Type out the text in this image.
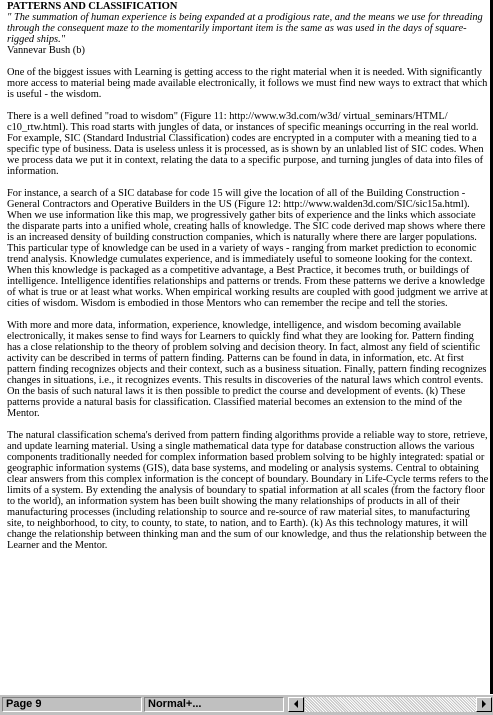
PATTERNS AND CLASSIFICATION

" The summation of human experience is being expanded at a prodigious rate, and the means we use for threading through the consequent maze to the momentarily important item is the same as was used in the days of square-rigged ships."

Vannevar Bush (b)

One of the biggest issues with Learning is getting access to the right material when it is needed. With significantly more access to material being made available electronically, it follows we must find new ways to extract that which is useful - the wisdom.

There is a well defined "road to wisdom" (Figure 11: http://www.w3d.com/w3d/ virtual_seminars/HTML/ c10_rtw.html). This road starts with jungles of data, or instances of specific meanings occurring in the real world. For example, SIC (Standard Industrial Classification) codes are encrypted in a computer with a meaning tied to a specific type of business. Data is useless unless it is processed, as is shown by an unlabled list of SIC codes. When we process data we put it in context, relating the data to a specific purpose, and turning jungles of data into files of information.

For instance, a search of a SIC database for code 15 will give the location of all of the Building Construction - General Contractors and Operative Builders in the US (Figure 12: http://www.walden3d.com/SIC/sic15a.html). When we use information like this map, we progressively gather bits of experience and the links which associate the disparate parts into a unified whole, creating halls of knowledge. The SIC code derived map shows where there is an increased density of building construction companies, which is naturally where there are larger populations. This particular type of knowledge can be used in a variety of ways - ranging from market prediction to economic trend analysis. Knowledge cumulates experience, and is immediately useful to someone looking for the context. When this knowledge is packaged as a competitive advantage, a Best Practice, it becomes truth, or buildings of intelligence. Intelligence identifies relationships and patterns or trends. From these patterns we derive a knowledge of what is true or at least what works. When empirical working results are coupled with good judgment we arrive at cities of wisdom. Wisdom is embodied in those Mentors who can remember the recipe and tell the stories.

With more and more data, information, experience, knowledge, intelligence, and wisdom becoming available electronically, it makes sense to find ways for Learners to quickly find what they are looking for. Pattern finding has a close relationship to the theory of problem solving and decision theory. In fact, almost any field of scientific activity can be described in terms of pattern finding. Patterns can be found in data, in information, etc. At first pattern finding recognizes objects and their context, such as a business situation. Finally, pattern finding recognizes changes in situations, i.e., it recognizes events. This results in discoveries of the natural laws which control events. On the basis of such natural laws it is then possible to predict the course and development of events. (k) These patterns provide a natural basis for classification. Classified material becomes an extension to the mind of the Mentor.

The natural classification schema's derived from pattern finding algorithms provide a reliable way to store, retrieve, and update learning material. Using a single mathematical data type for database construction allows the various components traditionally needed for complex information based problem solving to be highly integrated: spatial or geographic information systems (GIS), data base systems, and modeling or analysis systems. Central to obtaining clear answers from this complex information is the concept of boundary. Boundary in Life-Cycle terms refers to the limits of a system. By extending the analysis of boundary to spatial information at all scales (from the factory floor to the world), an information system has been built showing the many relationships of products in all of their manufacturing processes (including relationship to source and re-source of raw material sites, to manufacturing site, to neighborhood, to city, to county, to state, to nation, and to Earth). (k) As this technology matures, it will change the relationship between thinking man and the sum of our knowledge, and thus the relationship between the Learner and the Mentor.

Page 9	Normal+...
